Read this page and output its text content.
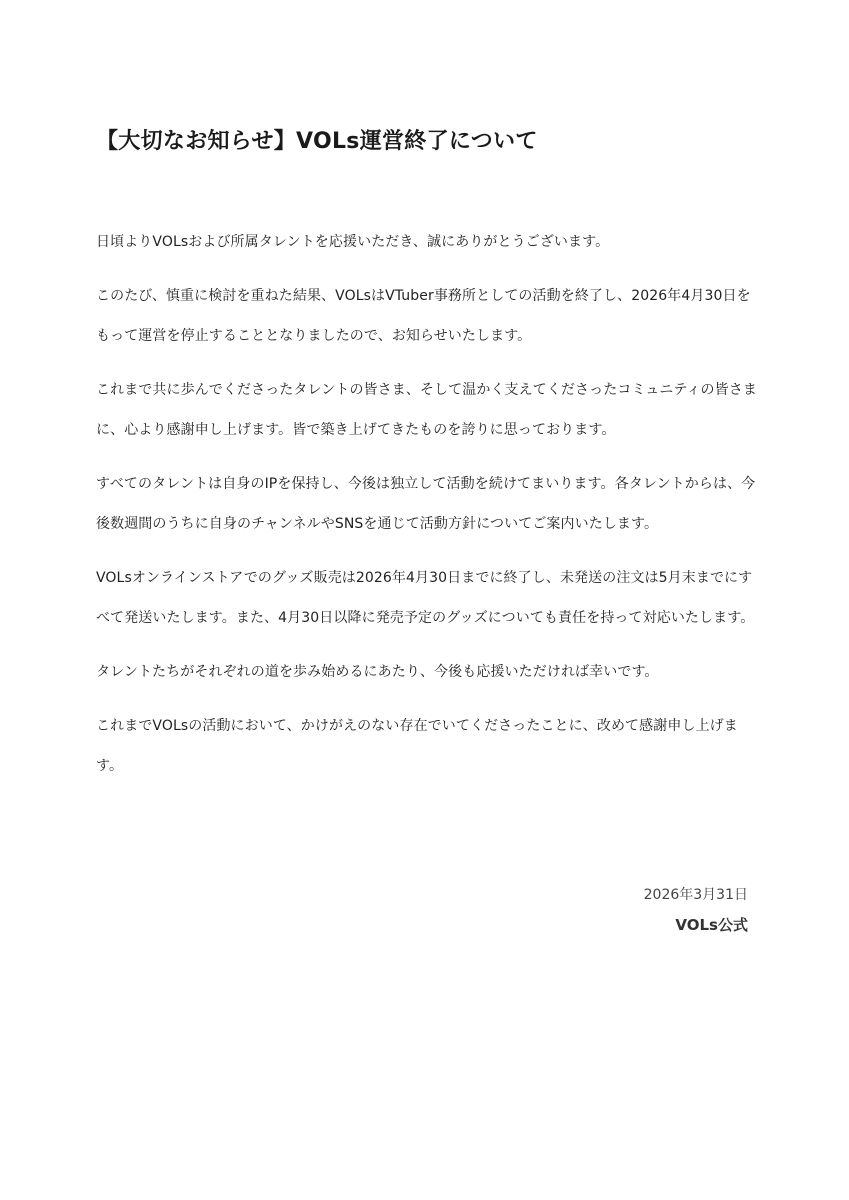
【大切なお知らせ】VOLs運営終了について

日頃よりVOLsおよび所属タレントを応援いただき、誠にありがとうございます。

このたび、慎重に検討を重ねた結果、VOLsはVTuber事務所としての活動を終了し、2026年4月30日をもって運営を停止することとなりましたので、お知らせいたします。

これまで共に歩んでくださったタレントの皆さま、そして温かく支えてくださったコミュニティの皆さまに、心より感謝申し上げます。皆で築き上げてきたものを誇りに思っております。

すべてのタレントは自身のIPを保持し、今後は独立して活動を続けてまいります。各タレントからは、今後数週間のうちに自身のチャンネルやSNSを通じて活動方針についてご案内いたします。

VOLsオンラインストアでのグッズ販売は2026年4月30日までに終了し、未発送の注文は5月末までにすべて発送いたします。また、4月30日以降に発売予定のグッズについても責任を持って対応いたします。

タレントたちがそれぞれの道を歩み始めるにあたり、今後も応援いただければ幸いです。

これまでVOLsの活動において、かけがえのない存在でいてくださったことに、改めて感謝申し上げます。

2026年3月31日
VOLs公式
